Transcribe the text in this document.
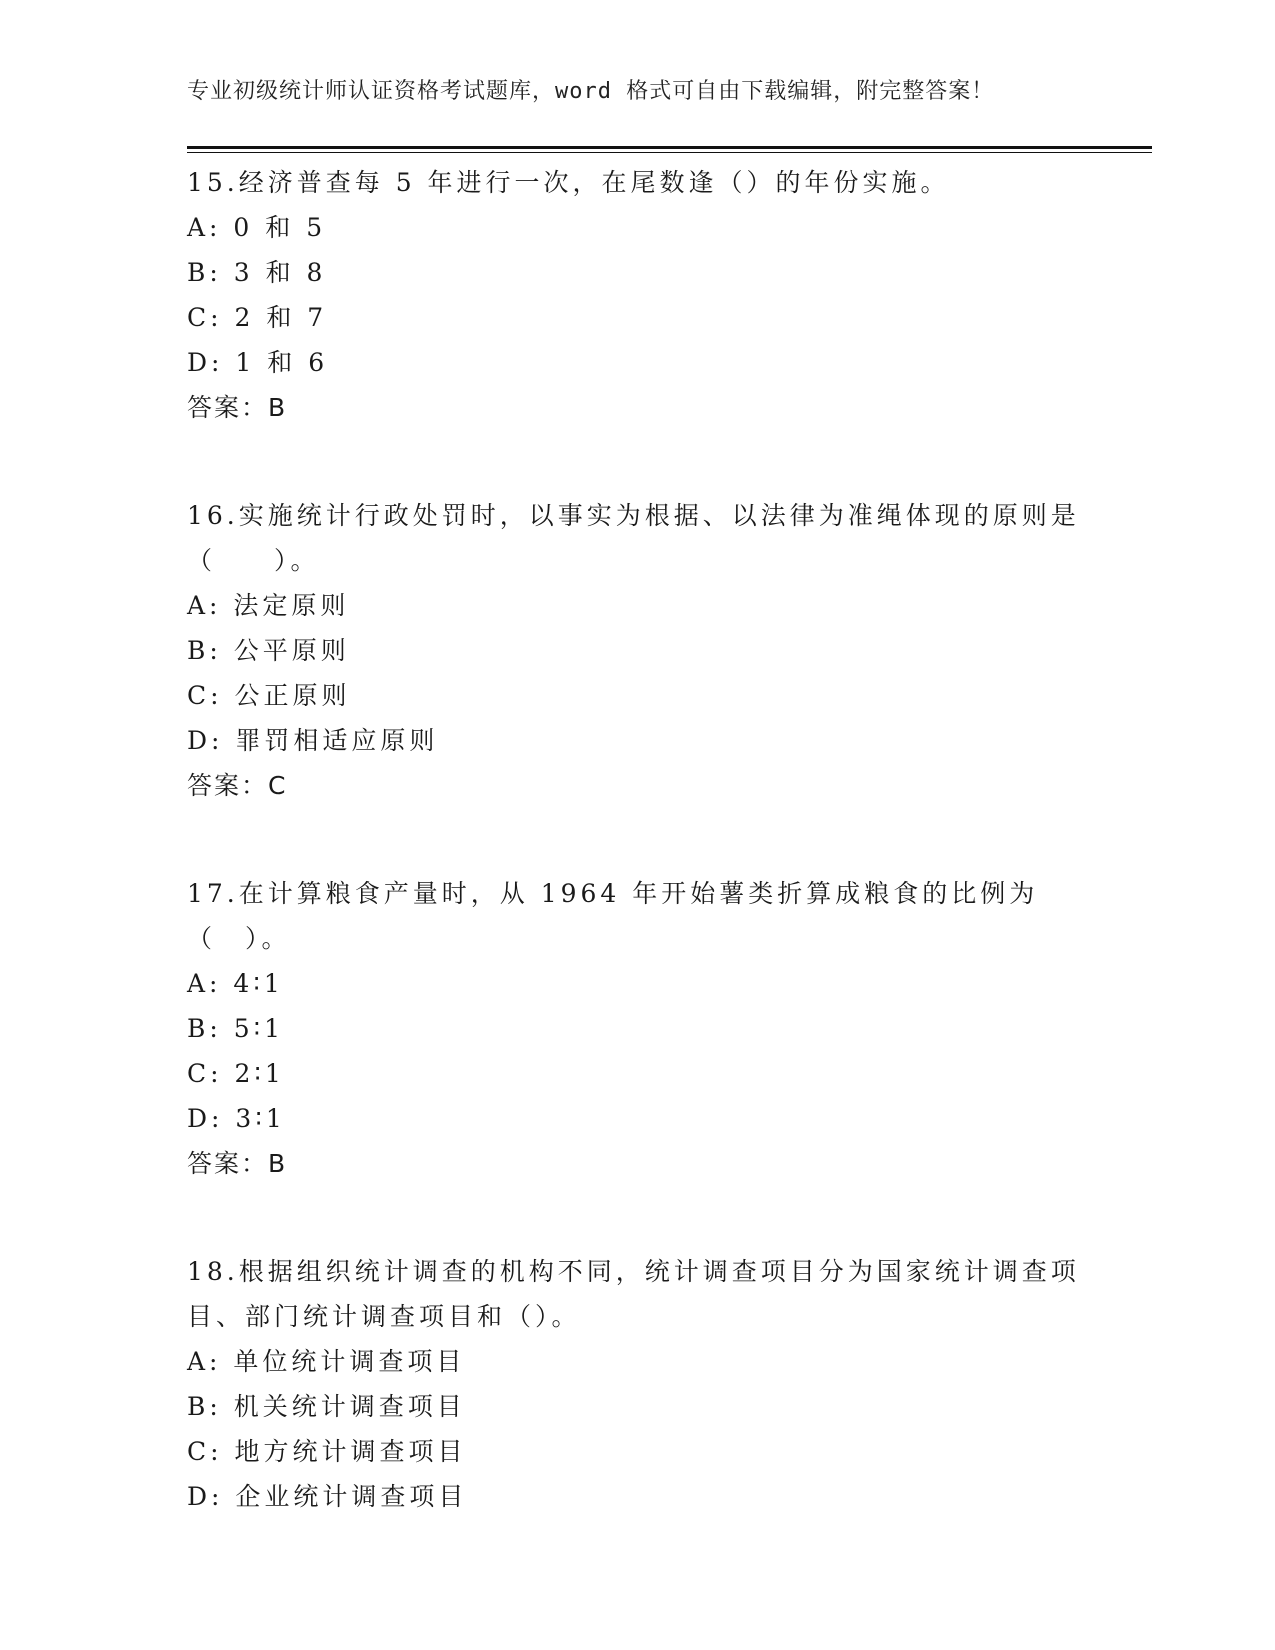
专业初级统计师认证资格考试题库，word 格式可自由下载编辑，附完整答案！

15.经济普查每 5 年进行一次，在尾数逢（）的年份实施。

A: 0 和 5

B: 3 和 8

C: 2 和 7

D: 1 和 6

答案：B

16.实施统计行政处罚时，以事实为根据、以法律为准绳体现的原则是（　　）。

A: 法定原则

B: 公平原则

C: 公正原则

D: 罪罚相适应原则

答案：C

17.在计算粮食产量时，从 1964 年开始薯类折算成粮食的比例为（　）。

A: 4∶1

B: 5∶1

C: 2∶1

D: 3∶1

答案：B

18.根据组织统计调查的机构不同，统计调查项目分为国家统计调查项目、部门统计调查项目和（）。

A: 单位统计调查项目

B: 机关统计调查项目

C: 地方统计调查项目

D: 企业统计调查项目
